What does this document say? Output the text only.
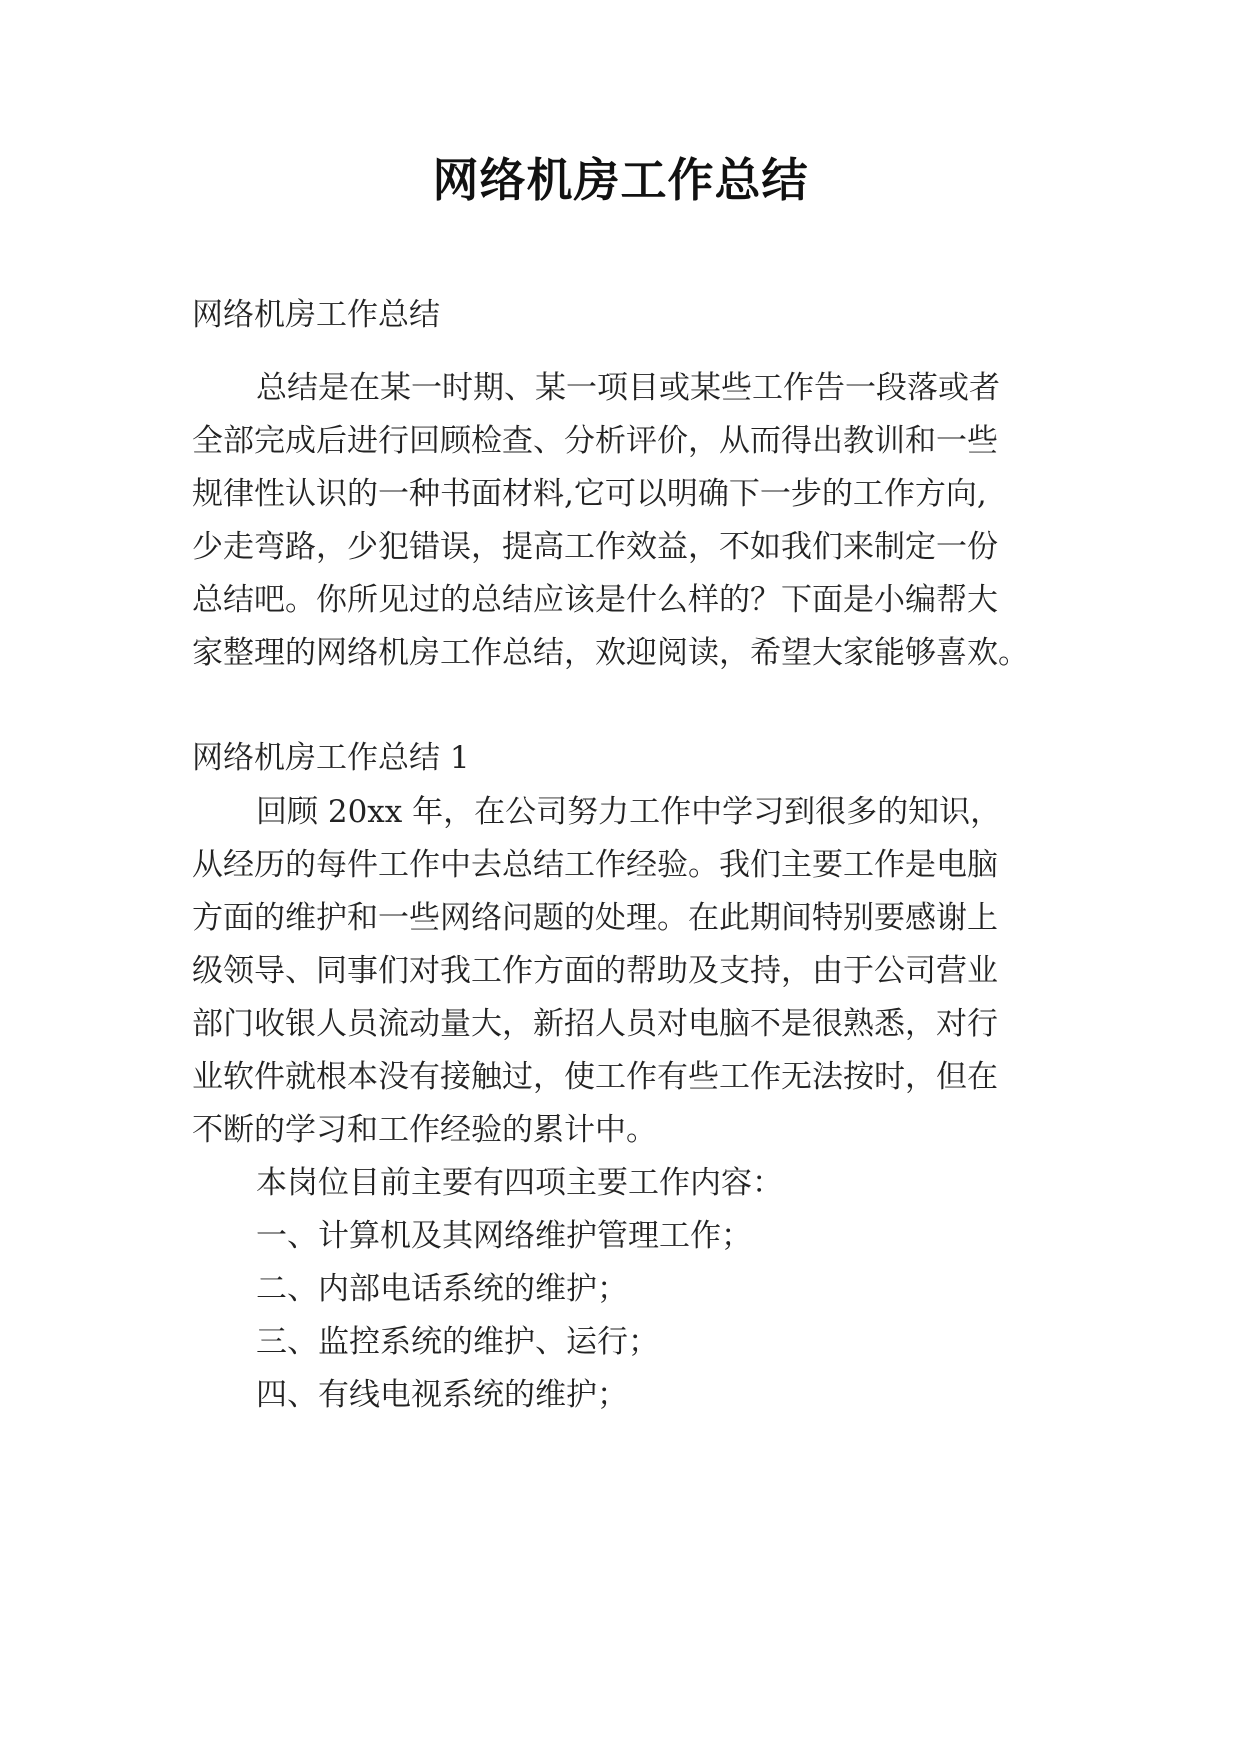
网络机房工作总结

网络机房工作总结

总结是在某一时期、某一项目或某些工作告一段落或者

全部完成后进行回顾检查、分析评价，从而得出教训和一些

规律性认识的一种书面材料,它可以明确下一步的工作方向,

少走弯路，少犯错误，提高工作效益，不如我们来制定一份

总结吧。你所见过的总结应该是什么样的？下面是小编帮大

家整理的网络机房工作总结，欢迎阅读，希望大家能够喜欢。

网络机房工作总结 1

回顾 20xx 年，在公司努力工作中学习到很多的知识，

从经历的每件工作中去总结工作经验。我们主要工作是电脑

方面的维护和一些网络问题的处理。在此期间特别要感谢上

级领导、同事们对我工作方面的帮助及支持，由于公司营业

部门收银人员流动量大，新招人员对电脑不是很熟悉，对行

业软件就根本没有接触过，使工作有些工作无法按时，但在

不断的学习和工作经验的累计中。

本岗位目前主要有四项主要工作内容：

一、计算机及其网络维护管理工作；

二、内部电话系统的维护；

三、监控系统的维护、运行；

四、有线电视系统的维护；
